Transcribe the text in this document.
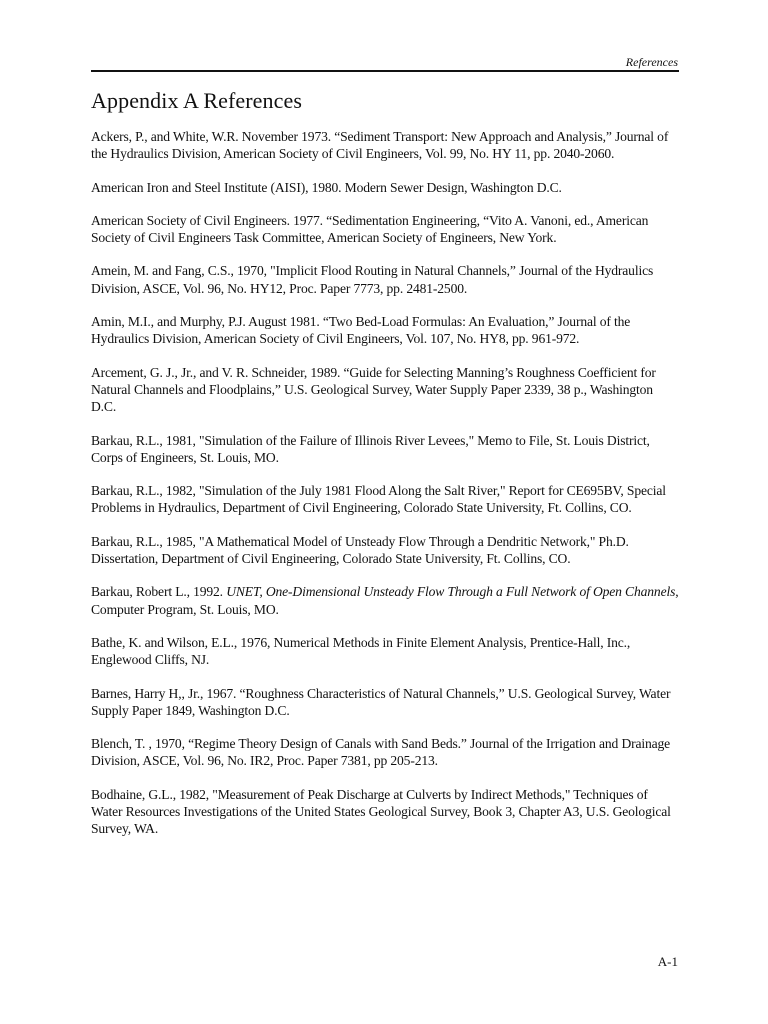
References
Appendix A References
Ackers, P., and White, W.R. November 1973. “Sediment Transport: New Approach and Analysis,” Journal of the Hydraulics Division, American Society of Civil Engineers, Vol. 99, No. HY 11, pp. 2040-2060.
American Iron and Steel Institute (AISI), 1980. Modern Sewer Design, Washington D.C.
American Society of Civil Engineers. 1977. “Sedimentation Engineering, “Vito A. Vanoni, ed., American Society of Civil Engineers Task Committee, American Society of Engineers, New York.
Amein, M. and Fang, C.S., 1970, "Implicit Flood Routing in Natural Channels,” Journal of the Hydraulics Division, ASCE, Vol. 96, No. HY12, Proc. Paper 7773, pp. 2481-2500.
Amin, M.I., and Murphy, P.J. August 1981. “Two Bed-Load Formulas: An Evaluation,” Journal of the Hydraulics Division, American Society of Civil Engineers, Vol. 107, No. HY8, pp. 961-972.
Arcement, G. J., Jr., and V. R. Schneider, 1989. “Guide for Selecting Manning’s Roughness Coefficient for Natural Channels and Floodplains,” U.S. Geological Survey, Water Supply Paper 2339, 38 p., Washington D.C.
Barkau, R.L., 1981, "Simulation of the Failure of Illinois River Levees," Memo to File, St. Louis District, Corps of Engineers, St. Louis, MO.
Barkau, R.L., 1982, "Simulation of the July 1981 Flood Along the Salt River," Report for CE695BV, Special Problems in Hydraulics, Department of Civil Engineering, Colorado State University, Ft. Collins, CO.
Barkau, R.L., 1985, "A Mathematical Model of Unsteady Flow Through a Dendritic Network," Ph.D. Dissertation, Department of Civil Engineering, Colorado State University, Ft. Collins, CO.
Barkau, Robert L., 1992. UNET, One-Dimensional Unsteady Flow Through a Full Network of Open Channels, Computer Program, St. Louis, MO.
Bathe, K. and Wilson, E.L., 1976, Numerical Methods in Finite Element Analysis, Prentice-Hall, Inc., Englewood Cliffs, NJ.
Barnes, Harry H,, Jr., 1967. “Roughness Characteristics of Natural Channels,” U.S. Geological Survey, Water Supply Paper 1849, Washington D.C.
Blench, T. , 1970, “Regime Theory Design of Canals with Sand Beds.” Journal of the Irrigation and Drainage Division, ASCE, Vol. 96, No. IR2, Proc. Paper 7381, pp 205-213.
Bodhaine, G.L., 1982, "Measurement of Peak Discharge at Culverts by Indirect Methods," Techniques of Water Resources Investigations of the United States Geological Survey, Book 3, Chapter A3, U.S. Geological Survey, WA.
A-1
